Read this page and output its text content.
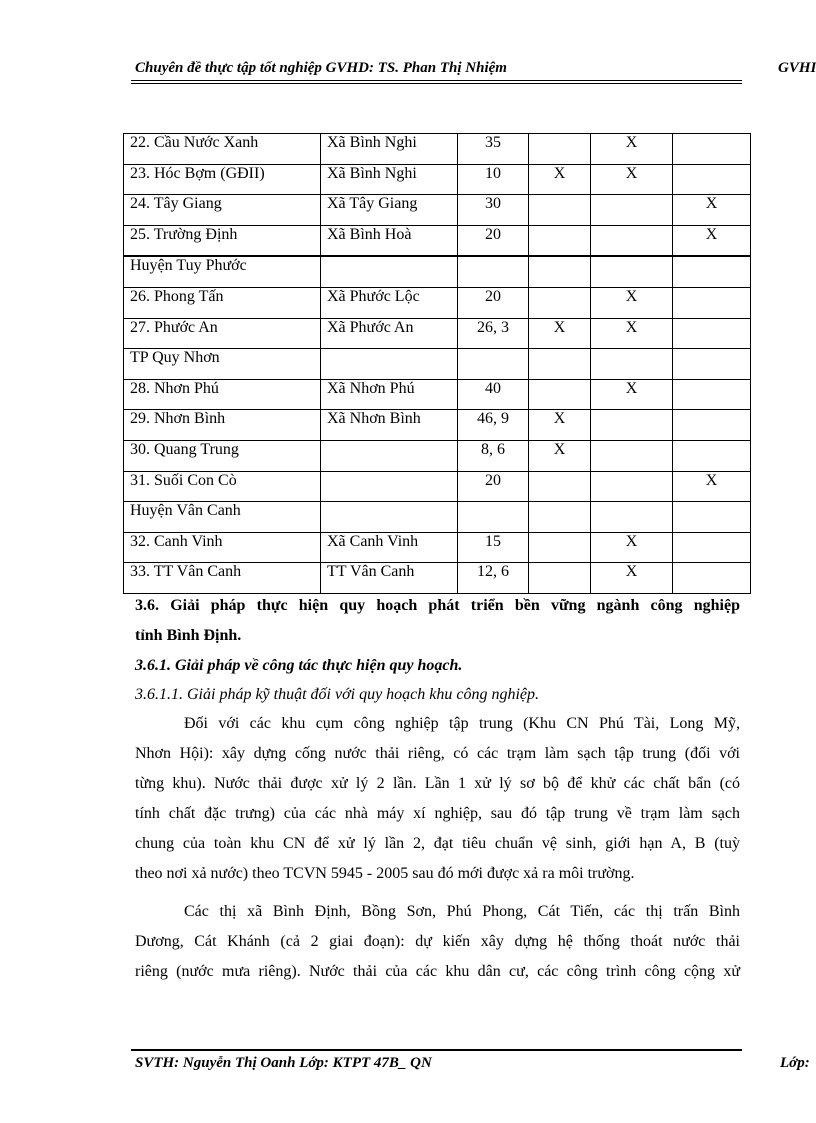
Chuyên đề thực tập tốt nghiệp GVHD: TS. Phan Thị Nhiệm	GVHI
22. Cầu Nước Xanh	Xã Bình Nghi	35		X	
23. Hóc Bợm (GĐII)	Xã Bình Nghi	10	X	X	
24. Tây Giang	Xã Tây Giang	30			X
25. Trường Định	Xã Bình Hoà	20			X
Huyện Tuy Phước					
26. Phong Tấn	Xã Phước Lộc	20		X	
27. Phước An	Xã Phước An	26, 3	X	X	
TP Quy Nhơn					
28. Nhơn Phú	Xã Nhơn Phú	40		X	
29. Nhơn Bình	Xã Nhơn Bình	46, 9	X		
30. Quang Trung		8, 6	X		
31. Suối Con Cò		20			X
Huyện Vân Canh					
32. Canh Vinh	Xã Canh Vinh	15		X	
33. TT Vân Canh	TT Vân Canh	12, 6		X	
3.6. Giải pháp thực hiện quy hoạch phát triển bền vững ngành công nghiệp
tỉnh Bình Định.
3.6.1. Giải pháp về công tác thực hiện quy hoạch.
3.6.1.1. Giải pháp kỹ thuật đối với quy hoạch khu công nghiệp.
Đối với các khu cụm công nghiệp tập trung (Khu CN Phú Tài, Long Mỹ,
Nhơn Hội): xây dựng cống nước thải riêng, có các trạm làm sạch tập trung (đối với
từng khu). Nước thải được xử lý 2 lần. Lần 1 xử lý sơ bộ để khử các chất bẩn (có
tính chất đặc trưng) của các nhà máy xí nghiệp, sau đó tập trung về trạm làm sạch
chung của toàn khu CN để xử lý lần 2, đạt tiêu chuẩn vệ sinh, giới hạn A, B (tuỳ
theo nơi xả nước) theo TCVN 5945 - 2005 sau đó mới được xả ra môi trường.
Các thị xã Bình Định, Bồng Sơn, Phú Phong, Cát Tiến, các thị trấn Bình
Dương, Cát Khánh (cả 2 giai đoạn): dự kiến xây dựng hệ thống thoát nước thải
riêng (nước mưa riêng). Nước thải của các khu dân cư, các công trình công cộng xử
SVTH: Nguyễn Thị Oanh Lớp: KTPT 47B_ QN	Lớp:
